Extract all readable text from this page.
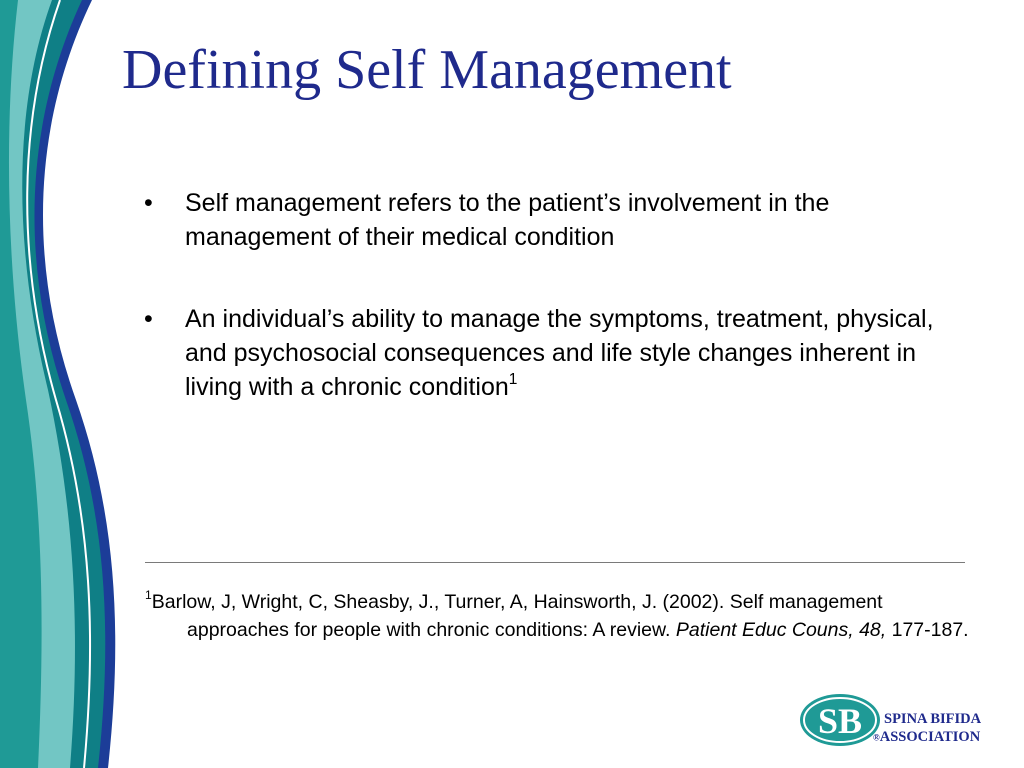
Defining Self Management
• Self management refers to the patient’s involvement in the management of their medical condition
• An individual’s ability to manage the symptoms, treatment, physical, and psychosocial consequences and life style changes inherent in living with a chronic condition$^1$
$^1$Barlow, J, Wright, C, Sheasby, J., Turner, A, Hainsworth, J. (2002). Self management approaches for people with chronic conditions: A review. Patient Educ Couns, 48, 177-187.
SB	SPINA BIFIDA
®ASSOCIATION
